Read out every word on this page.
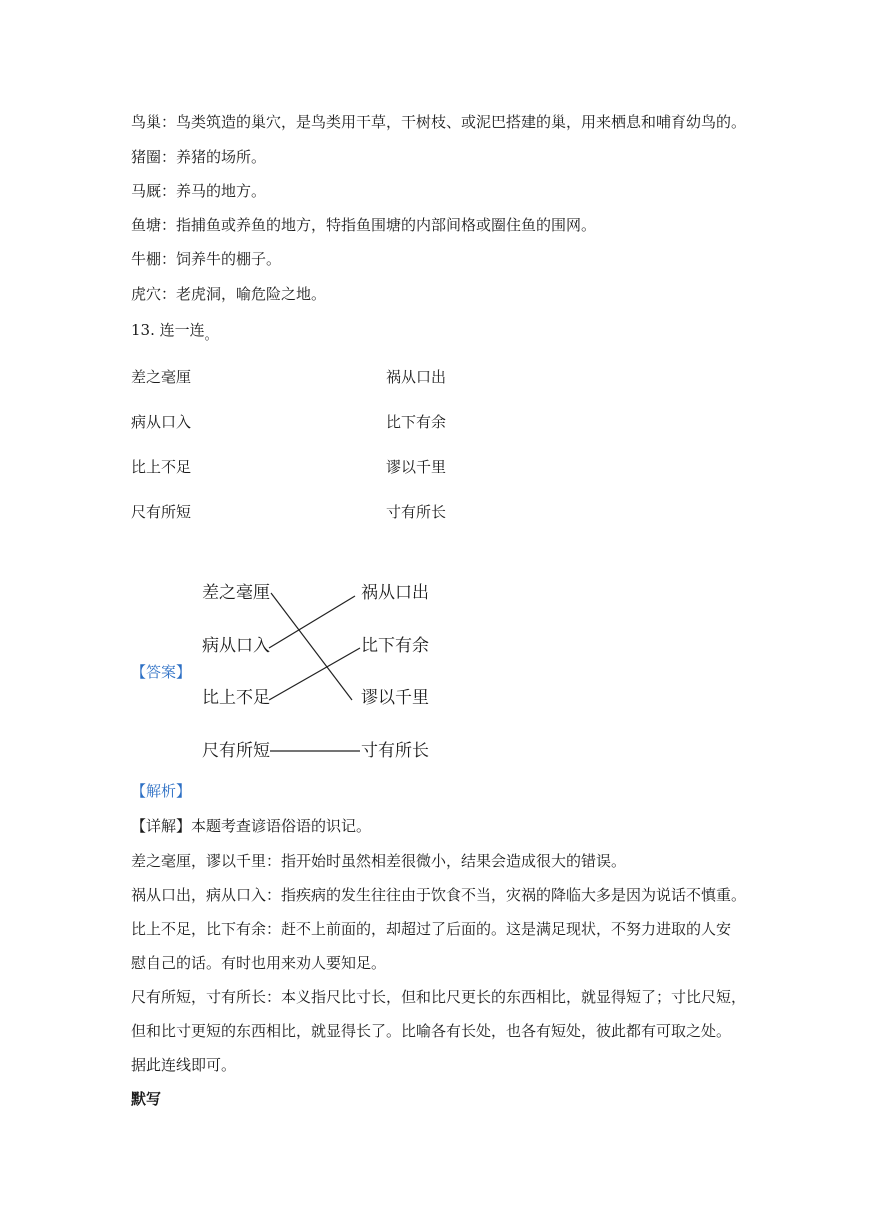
鸟巢：鸟类筑造的巢穴，是鸟类用干草，干树枝、或泥巴搭建的巢，用来栖息和哺育幼鸟的。
猪圈：养猪的场所。
马厩：养马的地方。
鱼塘：指捕鱼或养鱼的地方，特指鱼围塘的内部间格或圈住鱼的围网。
牛棚：饲养牛的棚子。
虎穴：老虎洞，喻危险之地。
13. 连一连。
差之毫厘
病从口入
比上不足
尺有所短
祸从口出
比下有余
谬以千里
寸有所长
【答案】
差之毫厘
病从口入
比上不足
尺有所短
祸从口出
比下有余
谬以千里
寸有所长
【解析】
【详解】本题考查谚语俗语的识记。
差之毫厘，谬以千里：指开始时虽然相差很微小，结果会造成很大的错误。
祸从口出，病从口入：指疾病的发生往往由于饮食不当，灾祸的降临大多是因为说话不慎重。
比上不足，比下有余：赶不上前面的，却超过了后面的。这是满足现状，不努力进取的人安
慰自己的话。有时也用来劝人要知足。
尺有所短，寸有所长：本义指尺比寸长，但和比尺更长的东西相比，就显得短了；寸比尺短，
但和比寸更短的东西相比，就显得长了。比喻各有长处，也各有短处，彼此都有可取之处。
据此连线即可。
默写
